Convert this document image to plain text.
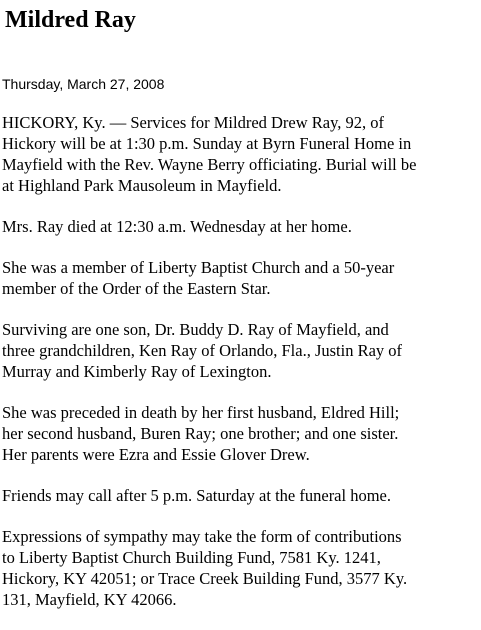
Mildred Ray
Thursday, March 27, 2008

HICKORY, Ky. — Services for Mildred Drew Ray, 92, of
Hickory will be at 1:30 p.m. Sunday at Byrn Funeral Home in
Mayfield with the Rev. Wayne Berry officiating. Burial will be
at Highland Park Mausoleum in Mayfield.

Mrs. Ray died at 12:30 a.m. Wednesday at her home.

She was a member of Liberty Baptist Church and a 50-year
member of the Order of the Eastern Star.

Surviving are one son, Dr. Buddy D. Ray of Mayfield, and
three grandchildren, Ken Ray of Orlando, Fla., Justin Ray of
Murray and Kimberly Ray of Lexington.

She was preceded in death by her first husband, Eldred Hill;
her second husband, Buren Ray; one brother; and one sister.
Her parents were Ezra and Essie Glover Drew.

Friends may call after 5 p.m. Saturday at the funeral home.

Expressions of sympathy may take the form of contributions
to Liberty Baptist Church Building Fund, 7581 Ky. 1241,
Hickory, KY 42051; or Trace Creek Building Fund, 3577 Ky.
131, Mayfield, KY 42066.
